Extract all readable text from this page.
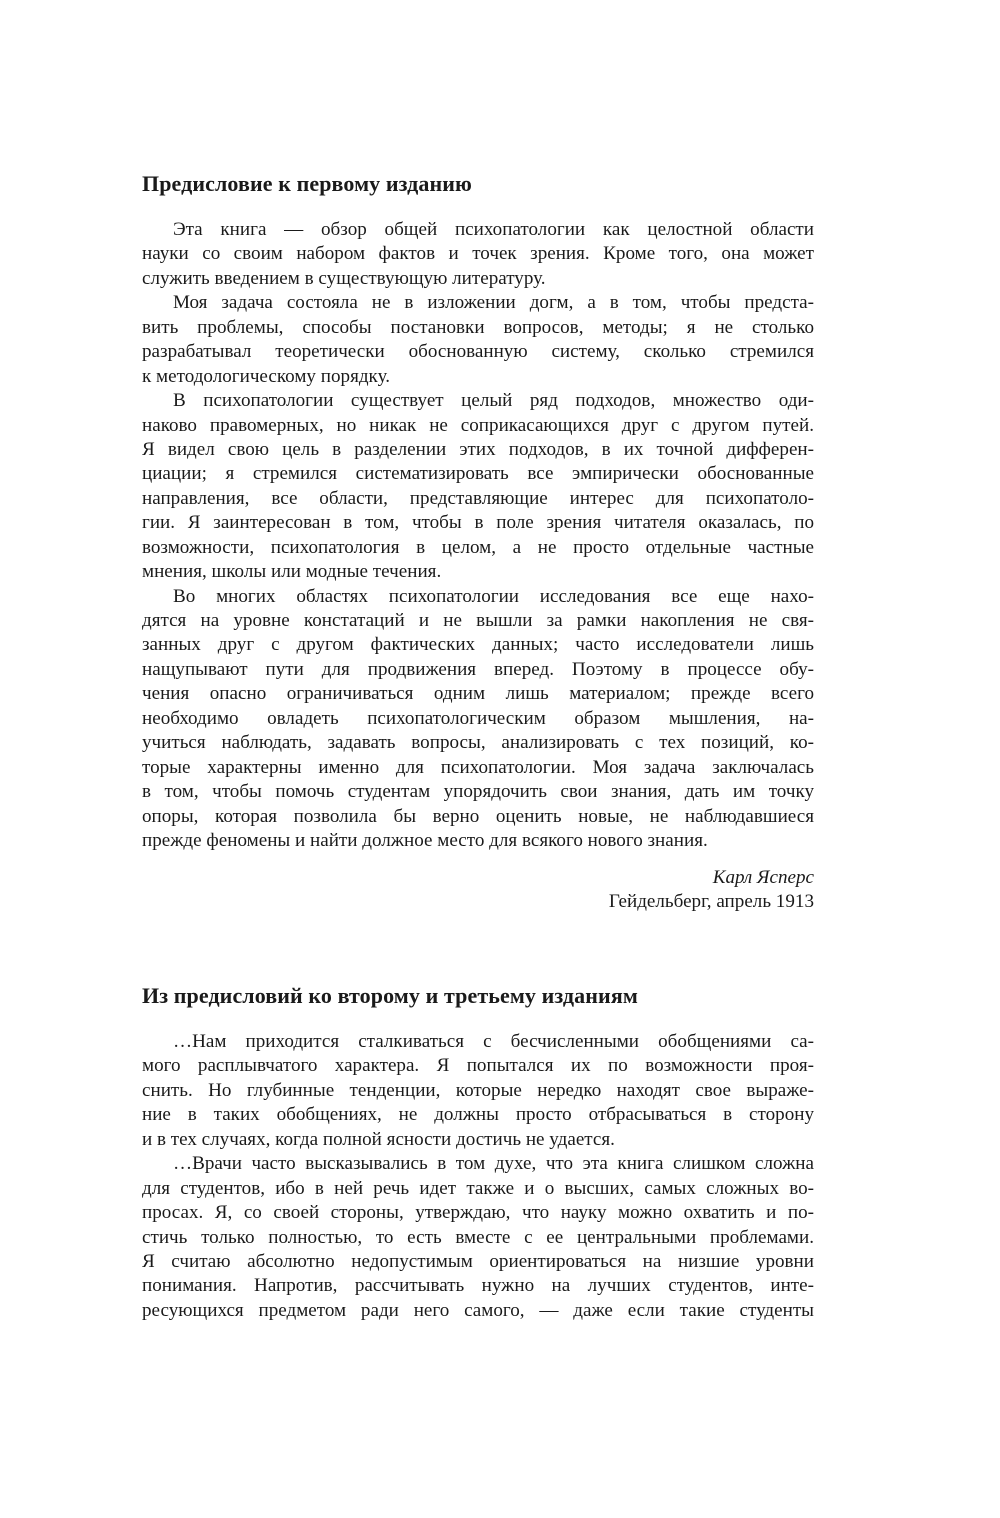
Предисловие к первому изданию
Эта книга — обзор общей психопатологии как целостной области
науки со своим набором фактов и точек зрения. Кроме того, она может
служить введением в существующую литературу.
Моя задача состояла не в изложении догм, а в том, чтобы предста-
вить проблемы, способы постановки вопросов, методы; я не столько
разрабатывал теоретически обоснованную систему, сколько стремился
к методологическому порядку.
В психопатологии существует целый ряд подходов, множество оди-
наково правомерных, но никак не соприкасающихся друг с другом путей.
Я видел свою цель в разделении этих подходов, в их точной дифферен-
циации; я стремился систематизировать все эмпирически обоснованные
направления, все области, представляющие интерес для психопатоло-
гии. Я заинтересован в том, чтобы в поле зрения читателя оказалась, по
возможности, психопатология в целом, а не просто отдельные частные
мнения, школы или модные течения.
Во многих областях психопатологии исследования все еще нахо-
дятся на уровне констатаций и не вышли за рамки накопления не свя-
занных друг с другом фактических данных; часто исследователи лишь
нащупывают пути для продвижения вперед. Поэтому в процессе обу-
чения опасно ограничиваться одним лишь материалом; прежде всего
необходимо овладеть психопатологическим образом мышления, на-
учиться наблюдать, задавать вопросы, анализировать с тех позиций, ко-
торые характерны именно для психопатологии. Моя задача заключалась
в том, чтобы помочь студентам упорядочить свои знания, дать им точку
опоры, которая позволила бы верно оценить новые, не наблюдавшиеся
прежде феномены и найти должное место для всякого нового знания.
Карл Ясперс
Гейдельберг, апрель 1913
Из предисловий ко второму и третьему изданиям
…Нам приходится сталкиваться с бесчисленными обобщениями са-
мого расплывчатого характера. Я попытался их по возможности проя-
снить. Но глубинные тенденции, которые нередко находят свое выраже-
ние в таких обобщениях, не должны просто отбрасываться в сторону
и в тех случаях, когда полной ясности достичь не удается.
…Врачи часто высказывались в том духе, что эта книга слишком сложна
для студентов, ибо в ней речь идет также и о высших, самых сложных во-
просах. Я, со своей стороны, утверждаю, что науку можно охватить и по-
стичь только полностью, то есть вместе с ее центральными проблемами.
Я считаю абсолютно недопустимым ориентироваться на низшие уровни
понимания. Напротив, рассчитывать нужно на лучших студентов, инте-
ресующихся предметом ради него самого, — даже если такие студенты
